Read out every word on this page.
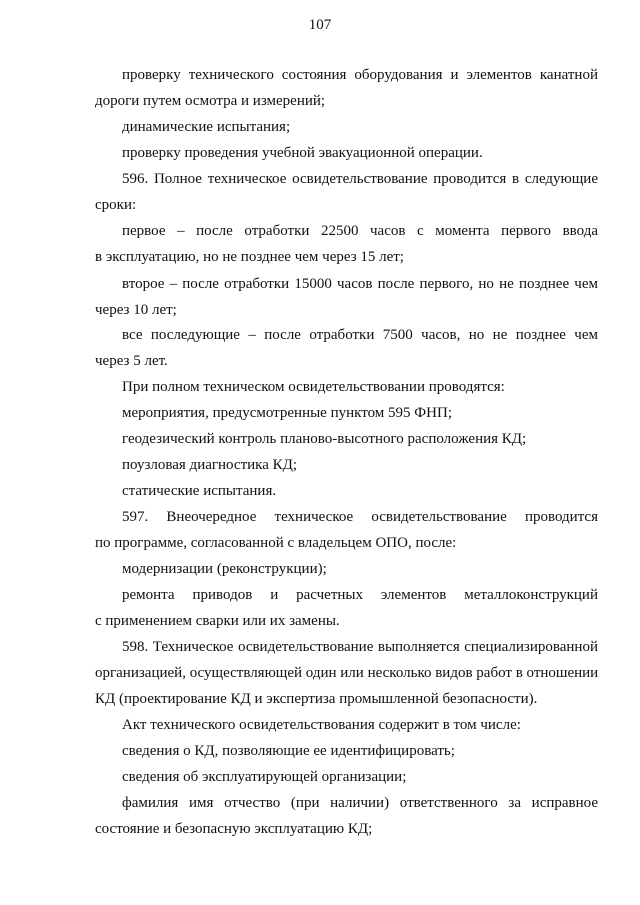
107
проверку технического состояния оборудования и элементов канатной
дороги путем осмотра и измерений;
динамические испытания;
проверку проведения учебной эвакуационной операции.
596. Полное техническое освидетельствование проводится в следующие
сроки:
первое – после отработки 22500 часов с момента первого ввода
в эксплуатацию, но не позднее чем через 15 лет;
второе – после отработки 15000 часов после первого, но не позднее чем
через 10 лет;
все последующие – после отработки 7500 часов, но не позднее чем
через 5 лет.
При полном техническом освидетельствовании проводятся:
мероприятия, предусмотренные пунктом 595 ФНП;
геодезический контроль планово-высотного расположения КД;
поузловая диагностика КД;
статические испытания.
597. Внеочередное техническое освидетельствование проводится
по программе, согласованной с владельцем ОПО, после:
модернизации (реконструкции);
ремонта приводов и расчетных элементов металлоконструкций
с применением сварки или их замены.
598. Техническое освидетельствование выполняется специализированной
организацией, осуществляющей один или несколько видов работ в отношении
КД (проектирование КД и экспертиза промышленной безопасности).
Акт технического освидетельствования содержит в том числе:
сведения о КД, позволяющие ее идентифицировать;
сведения об эксплуатирующей организации;
фамилия имя отчество (при наличии) ответственного за исправное
состояние и безопасную эксплуатацию КД;
